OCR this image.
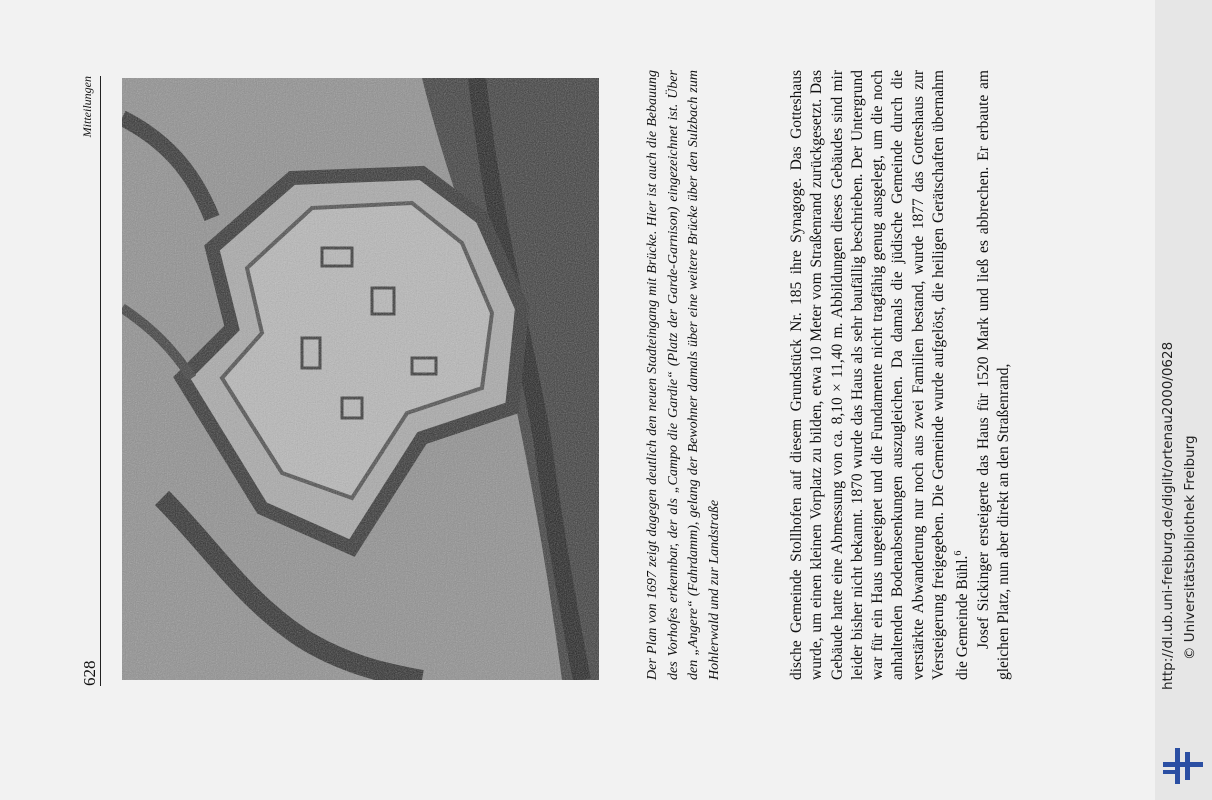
628
Mitteilungen	Der Plan von 1697 zeigt dagegen deutlich den neuen Stadteingang mit Brücke. Hier ist auch die Bebauung des Vorhofes erkennbar, der als „Campo die Gardie“ (Platz der Garde-Garnison) eingezeichnet ist. Über den „Angere“ (Fahrdamm), gelang der Bewohner damals über eine weitere Brücke über den Sulzbach zum Hohlerwald und zur Landstraße	dische Gemeinde Stollhofen auf diesem Grundstück Nr. 185 ihre Synagoge. Das Gotteshaus wurde, um einen kleinen Vorplatz zu bilden, etwa 10 Meter vom Straßenrand zurückgesetzt. Das Gebäude hatte eine Abmessung von ca. 8,10 × 11,40 m. Abbildungen dieses Gebäudes sind mir leider bisher nicht bekannt. 1870 wurde das Haus als sehr baufällig beschrieben. Der Untergrund war für ein Haus ungeeignet und die Fundamente nicht tragfähig genug ausgelegt, um die noch anhaltenden Bodenabsenkungen auszugleichen. Da damals die jüdische Gemeinde durch die verstärkte Abwanderung nur noch aus zwei Familien bestand, wurde 1877 das Gotteshaus zur Versteigerung freigegeben. Die Gemeinde wurde aufgelöst, die heiligen Gerätschaften übernahm die Gemeinde Bühl.$^6$ Josef Sickinger ersteigerte das Haus für 1520 Mark und ließ es abbrechen. Er erbaute am gleichen Platz, nun aber direkt an den Straßenrand,	http://dl.ub.uni-freiburg.de/diglit/ortenau2000/0628 © Universitätsbibliothek Freiburg
